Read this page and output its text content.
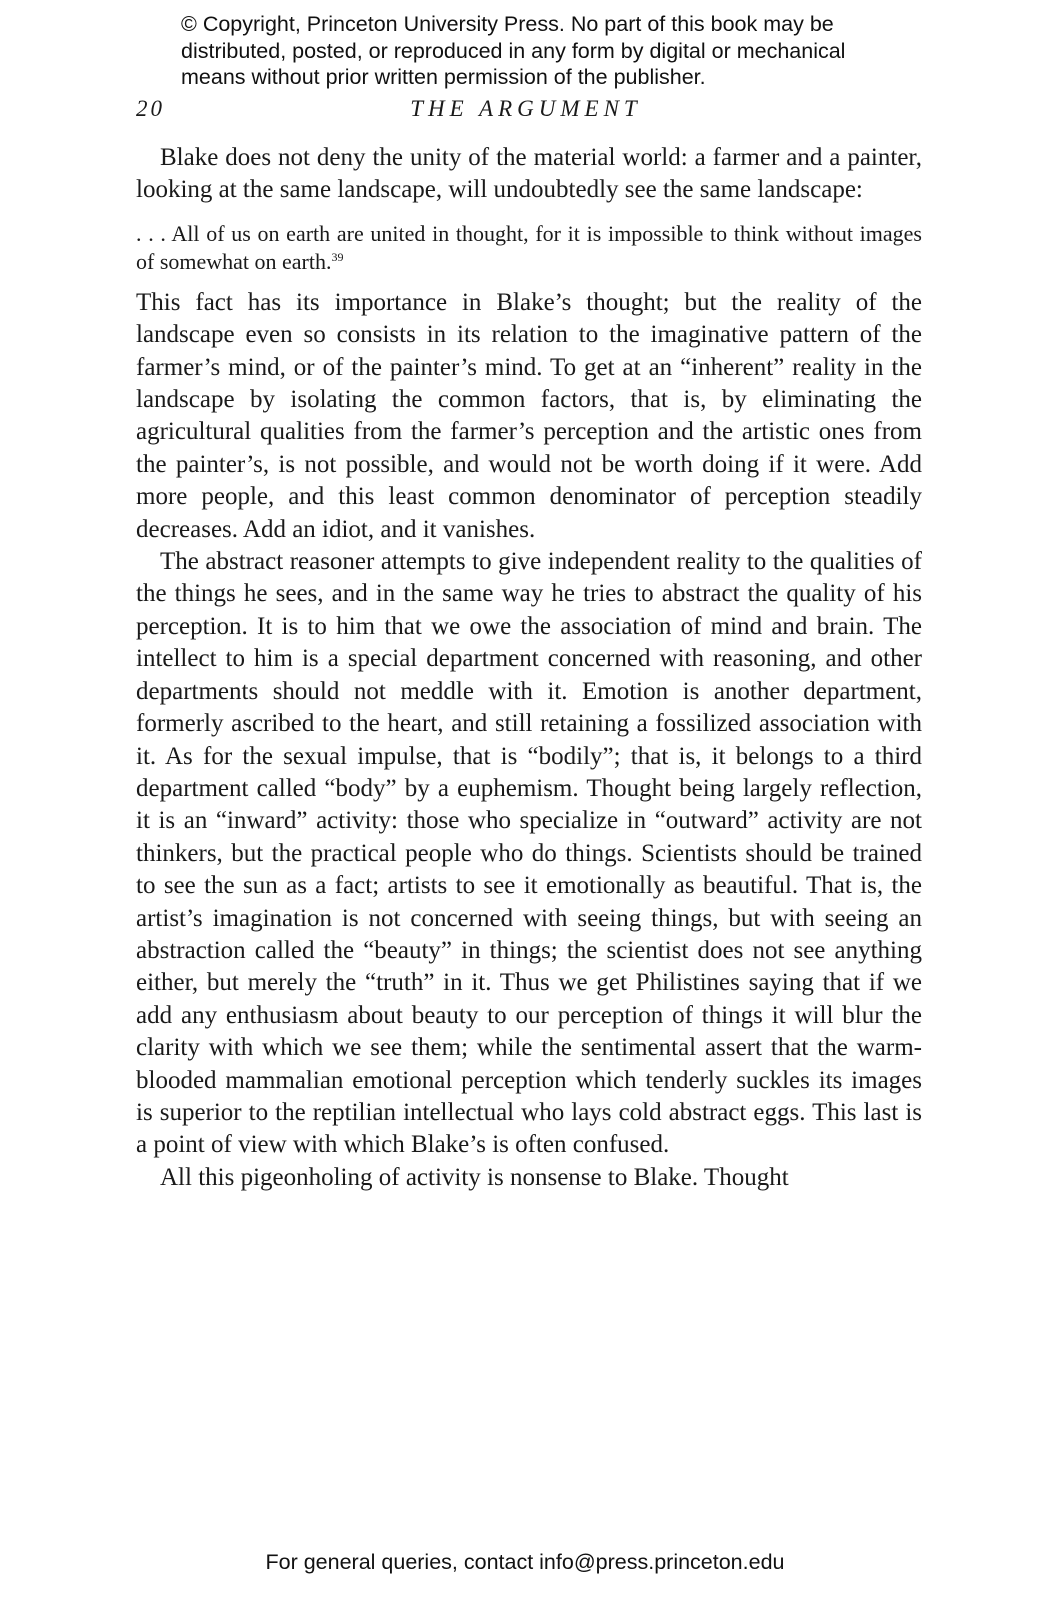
© Copyright, Princeton University Press. No part of this book may be
distributed, posted, or reproduced in any form by digital or mechanical
means without prior written permission of the publisher.
20	THE ARGUMENT

Blake does not deny the unity of the material world: a farmer and a painter, looking at the same landscape, will undoubtedly see the same landscape:

. . . All of us on earth are united in thought, for it is impossible to think without images of somewhat on earth.$^{39}$

This fact has its importance in Blake’s thought; but the reality of the landscape even so consists in its relation to the imaginative pattern of the farmer’s mind, or of the painter’s mind. To get at an “inherent” reality in the landscape by isolating the common factors, that is, by eliminating the agricultural qualities from the farmer’s perception and the artistic ones from the painter’s, is not possible, and would not be worth doing if it were. Add more people, and this least common denominator of perception steadily decreases. Add an idiot, and it vanishes.

The abstract reasoner attempts to give independent reality to the qualities of the things he sees, and in the same way he tries to abstract the quality of his perception. It is to him that we owe the association of mind and brain. The intellect to him is a special department concerned with reasoning, and other departments should not meddle with it. Emotion is another department, formerly ascribed to the heart, and still retaining a fossilized association with it. As for the sexual impulse, that is “bodily”; that is, it belongs to a third department called “body” by a euphemism. Thought being largely reflection, it is an “inward” activity: those who specialize in “outward” activity are not thinkers, but the practical people who do things. Scientists should be trained to see the sun as a fact; artists to see it emotionally as beautiful. That is, the artist’s imagination is not concerned with seeing things, but with seeing an abstraction called the “beauty” in things; the scientist does not see anything either, but merely the “truth” in it. Thus we get Philistines saying that if we add any enthusiasm about beauty to our perception of things it will blur the clarity with which we see them; while the sentimental assert that the warm-blooded mammalian emotional perception which tenderly suckles its images is superior to the reptilian intellectual who lays cold abstract eggs. This last is a point of view with which Blake’s is often confused.

All this pigeonholing of activity is nonsense to Blake. Thought

For general queries, contact info@press.princeton.edu
